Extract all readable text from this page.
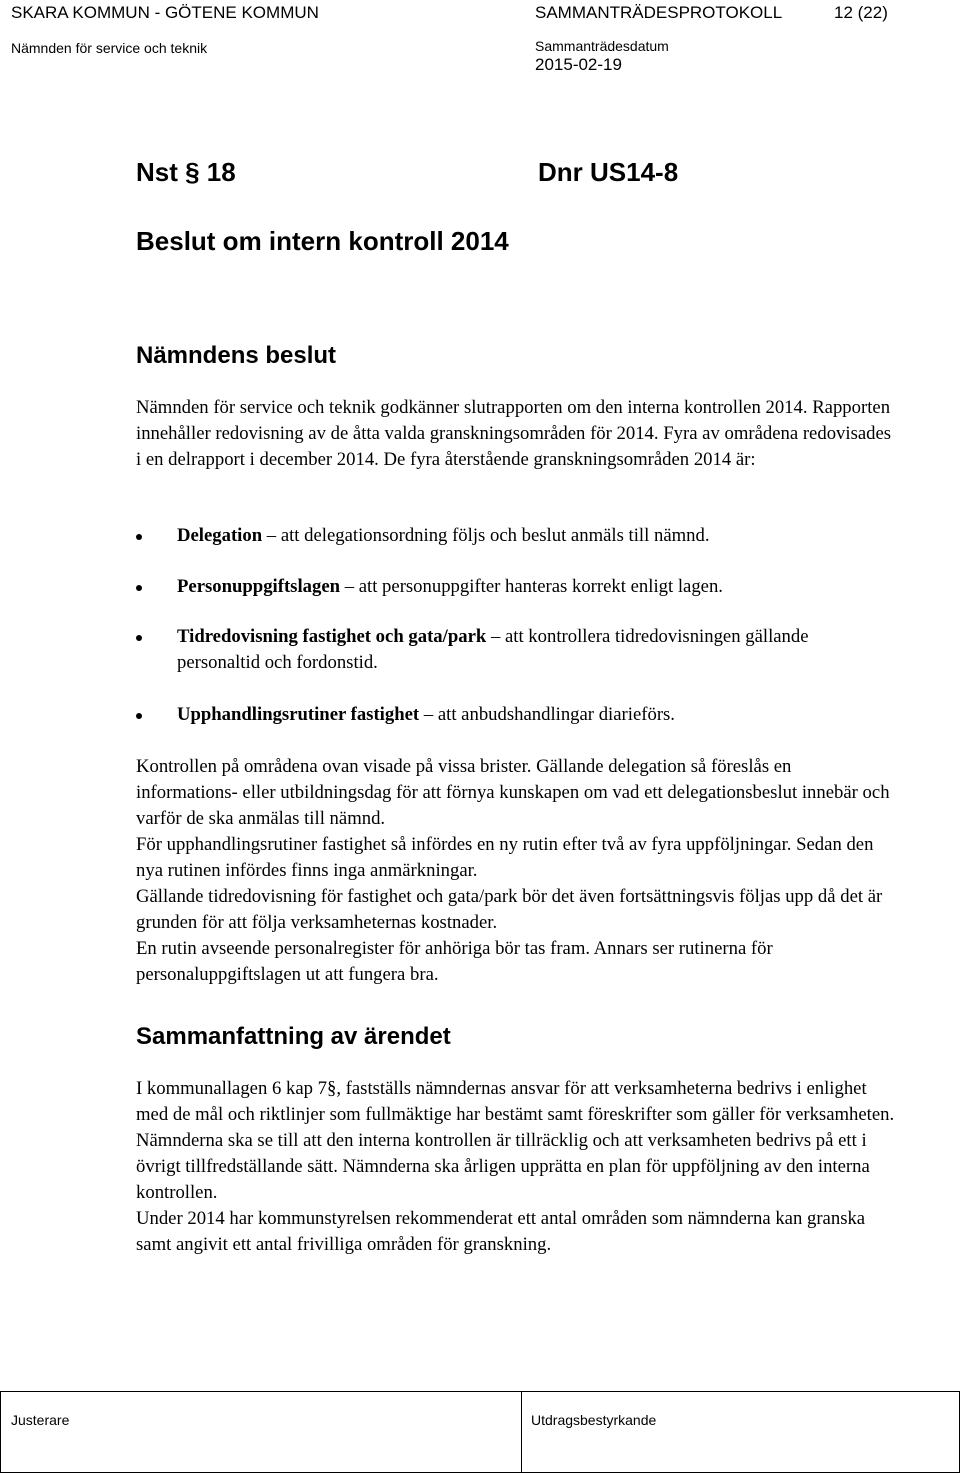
SKARA KOMMUN - GÖTENE KOMMUN	SAMMANTRÄDESPROTOKOLL	12 (22)
Nämnden för service och teknik	Sammanträdesdatum
2015-02-19
Nst § 18	Dnr US14-8
Beslut om intern kontroll 2014
Nämndens beslut
Nämnden för service och teknik godkänner slutrapporten om den interna kontrollen 2014. Rapporten innehåller redovisning av de åtta valda granskningsområden för 2014. Fyra av områdena redovisades i en delrapport i december 2014. De fyra återstående granskningsområden 2014 är:
Delegation – att delegationsordning följs och beslut anmäls till nämnd.
Personuppgiftslagen – att personuppgifter hanteras korrekt enligt lagen.
Tidredovisning fastighet och gata/park – att kontrollera tidredovisningen gällande personaltid och fordonstid.
Upphandlingsrutiner fastighet – att anbudshandlingar diarieförs.
Kontrollen på områdena ovan visade på vissa brister. Gällande delegation så föreslås en informations- eller utbildningsdag för att förnya kunskapen om vad ett delegationsbeslut innebär och varför de ska anmälas till nämnd.
För upphandlingsrutiner fastighet så infördes en ny rutin efter två av fyra uppföljningar. Sedan den nya rutinen infördes finns inga anmärkningar.
Gällande tidredovisning för fastighet och gata/park bör det även fortsättningsvis följas upp då det är grunden för att följa verksamheternas kostnader.
En rutin avseende personalregister för anhöriga bör tas fram. Annars ser rutinerna för personaluppgiftslagen ut att fungera bra.
Sammanfattning av ärendet
I kommunallagen 6 kap 7§, fastställs nämndernas ansvar för att verksamheterna bedrivs i enlighet med de mål och riktlinjer som fullmäktige har bestämt samt föreskrifter som gäller för verksamheten. Nämnderna ska se till att den interna kontrollen är tillräcklig och att verksamheten bedrivs på ett i övrigt tillfredställande sätt. Nämnderna ska årligen upprätta en plan för uppföljning av den interna kontrollen.
Under 2014 har kommunstyrelsen rekommenderat ett antal områden som nämnderna kan granska samt angivit ett antal frivilliga områden för granskning.
Justerare	Utdragsbestyrkande
